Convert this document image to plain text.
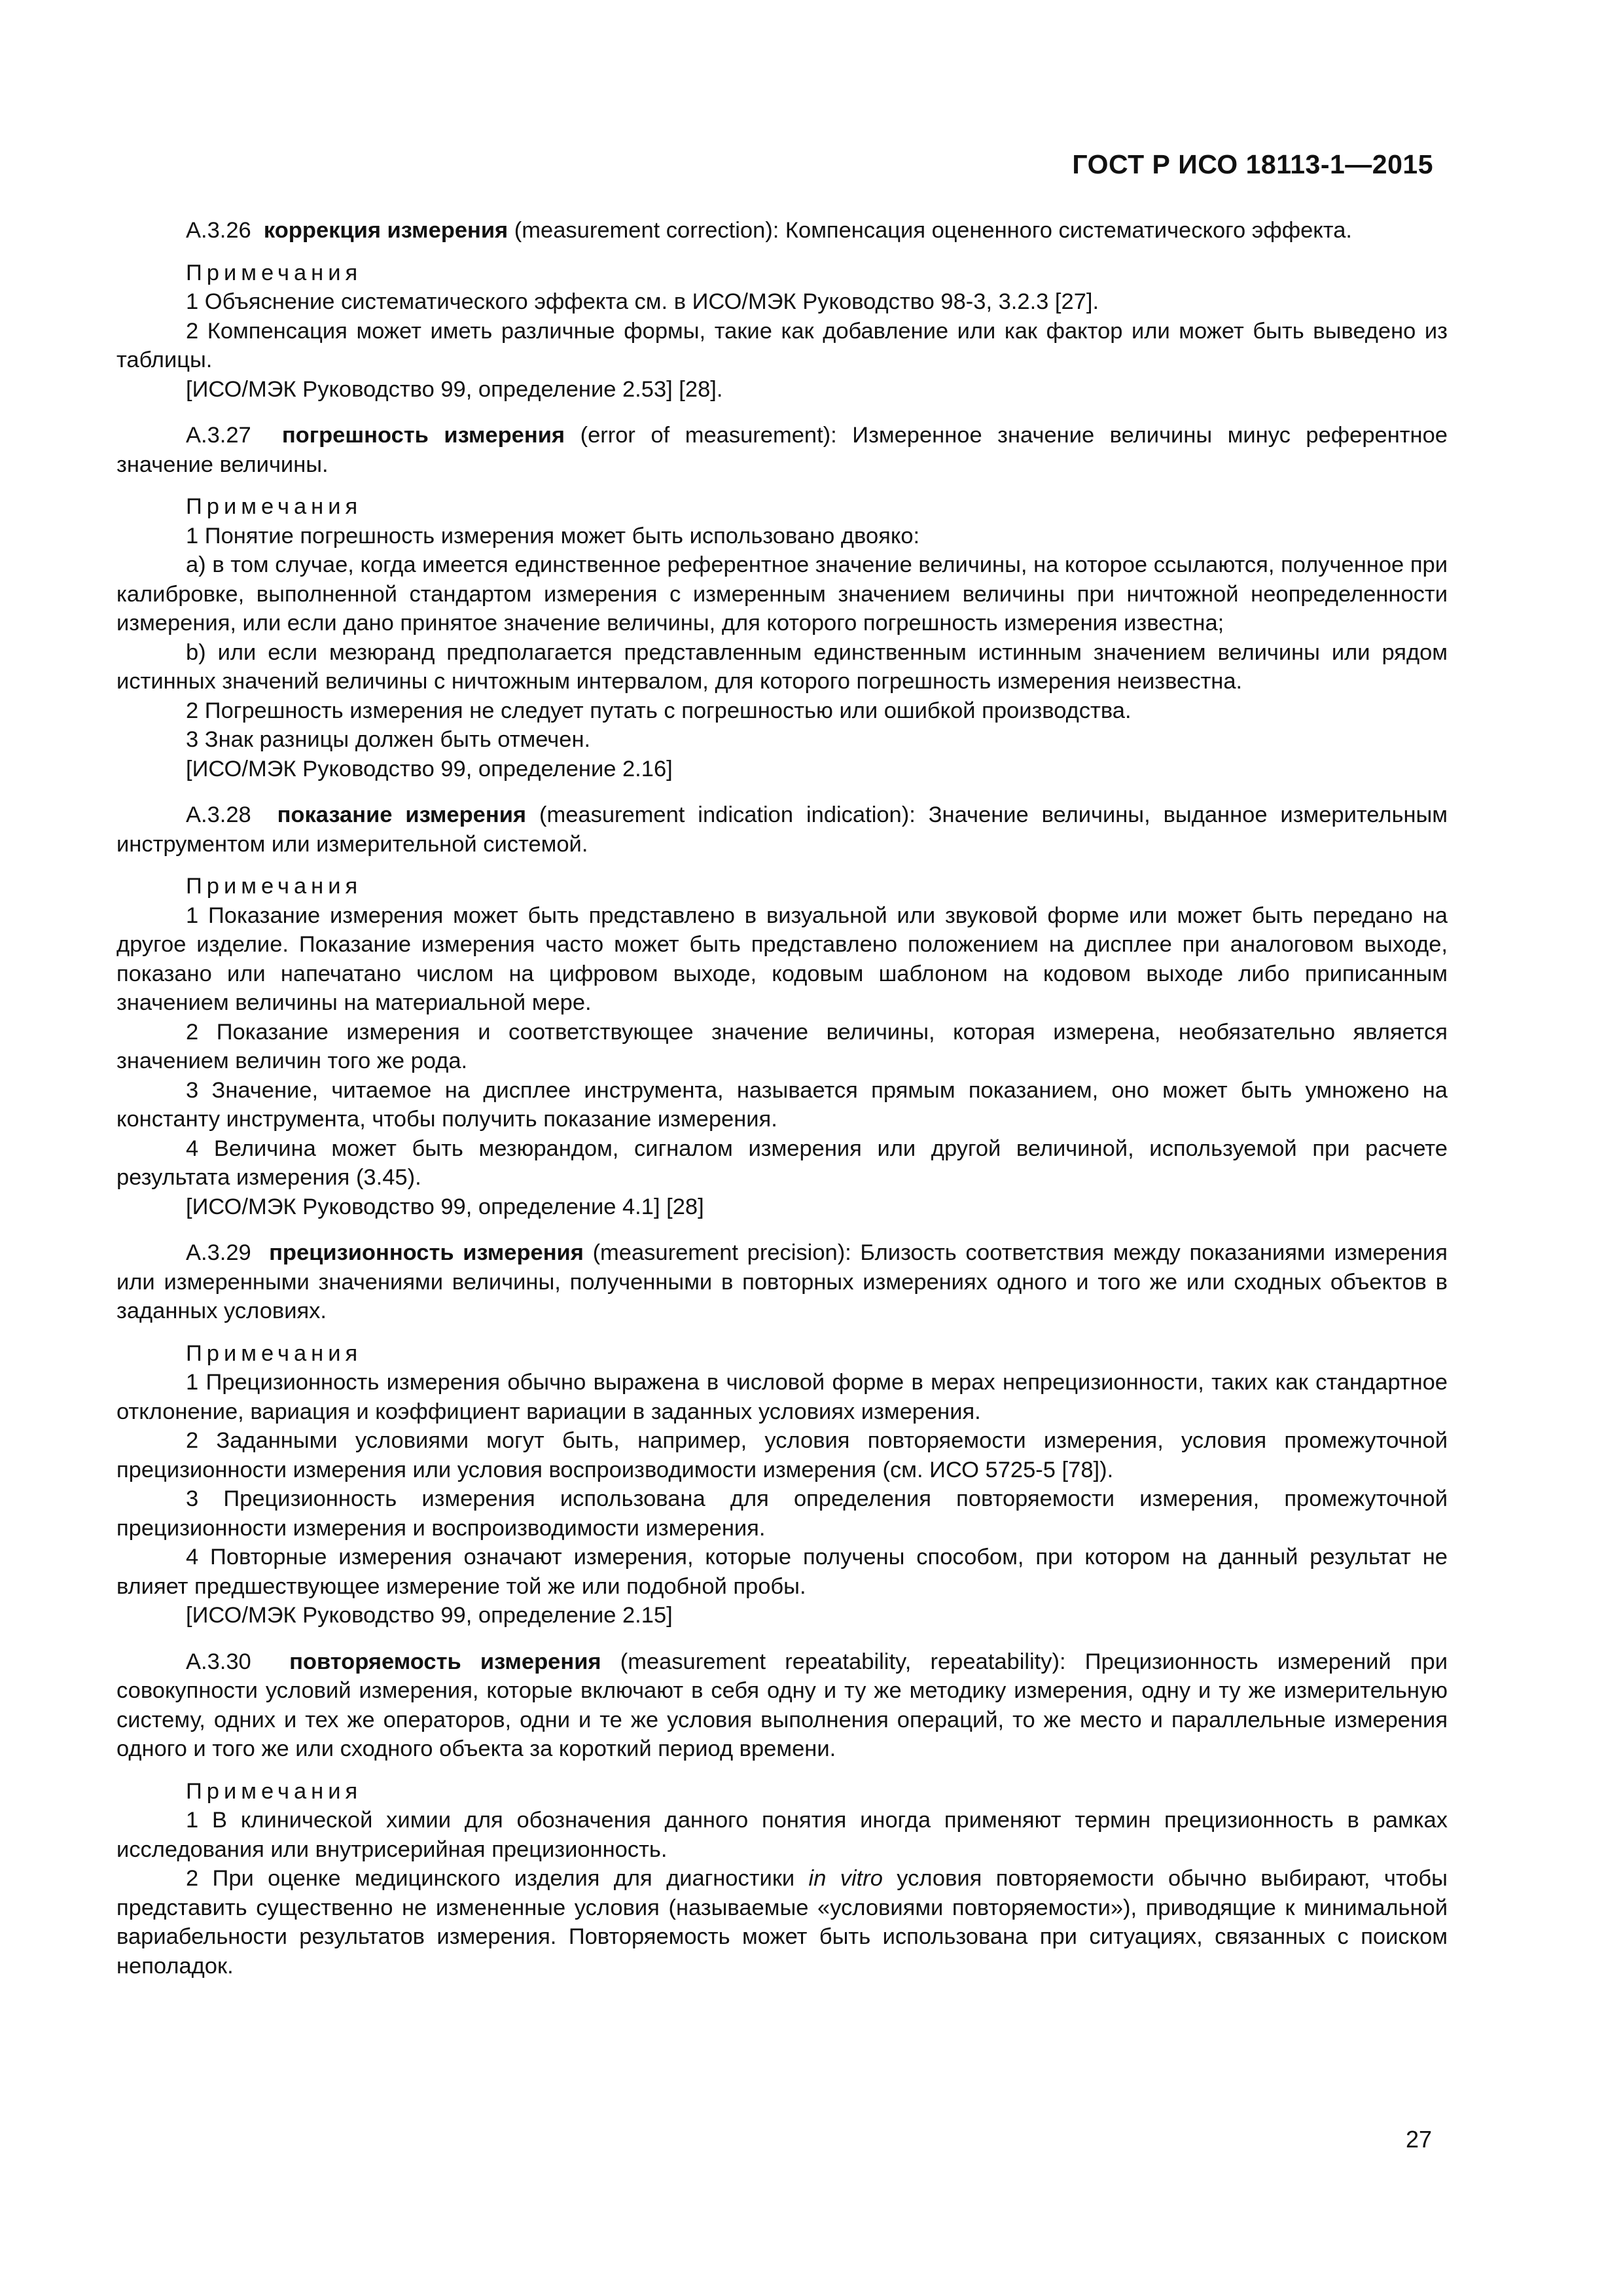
ГОСТ Р ИСО 18113-1—2015

А.3.26 коррекция измерения (measurement correction): Компенсация оцененного систематического эффекта.

Примечания

1 Объяснение систематического эффекта см. в ИСО/МЭК Руководство 98-3, 3.2.3 [27].

2 Компенсация может иметь различные формы, такие как добавление или как фактор или может быть выведено из таблицы.

[ИСО/МЭК Руководство 99, определение 2.53] [28].

А.3.27 погрешность измерения (error of measurement): Измеренное значение величины минус референтное значение величины.

Примечания

1 Понятие погрешность измерения может быть использовано двояко:

a) в том случае, когда имеется единственное референтное значение величины, на которое ссылаются, полученное при калибровке, выполненной стандартом измерения с измеренным значением величины при ничтожной неопределенности измерения, или если дано принятое значение величины, для которого погрешность измерения известна;

b) или если мезюранд предполагается представленным единственным истинным значением величины или рядом истинных значений величины с ничтожным интервалом, для которого погрешность измерения неизвестна.

2 Погрешность измерения не следует путать с погрешностью или ошибкой производства.

3 Знак разницы должен быть отмечен.

[ИСО/МЭК Руководство 99, определение 2.16]

А.3.28 показание измерения (measurement indication indication): Значение величины, выданное измерительным инструментом или измерительной системой.

Примечания

1 Показание измерения может быть представлено в визуальной или звуковой форме или может быть передано на другое изделие. Показание измерения часто может быть представлено положением на дисплее при аналоговом выходе, показано или напечатано числом на цифровом выходе, кодовым шаблоном на кодовом выходе либо приписанным значением величины на материальной мере.

2 Показание измерения и соответствующее значение величины, которая измерена, необязательно является значением величин того же рода.

3 Значение, читаемое на дисплее инструмента, называется прямым показанием, оно может быть умножено на константу инструмента, чтобы получить показание измерения.

4 Величина может быть мезюрандом, сигналом измерения или другой величиной, используемой при расчете результата измерения (3.45).

[ИСО/МЭК Руководство 99, определение 4.1] [28]

А.3.29 прецизионность измерения (measurement precision): Близость соответствия между показаниями измерения или измеренными значениями величины, полученными в повторных измерениях одного и того же или сходных объектов в заданных условиях.

Примечания

1 Прецизионность измерения обычно выражена в числовой форме в мерах непрецизионности, таких как стандартное отклонение, вариация и коэффициент вариации в заданных условиях измерения.

2 Заданными условиями могут быть, например, условия повторяемости измерения, условия промежуточной прецизионности измерения или условия воспроизводимости измерения (см. ИСО 5725-5 [78]).

3 Прецизионность измерения использована для определения повторяемости измерения, промежуточной прецизионности измерения и воспроизводимости измерения.

4 Повторные измерения означают измерения, которые получены способом, при котором на данный результат не влияет предшествующее измерение той же или подобной пробы.

[ИСО/МЭК Руководство 99, определение 2.15]

А.3.30 повторяемость измерения (measurement repeatability, repeatability): Прецизионность измерений при совокупности условий измерения, которые включают в себя одну и ту же методику измерения, одну и ту же измерительную систему, одних и тех же операторов, одни и те же условия выполнения операций, то же место и параллельные измерения одного и того же или сходного объекта за короткий период времени.

Примечания

1 В клинической химии для обозначения данного понятия иногда применяют термин прецизионность в рамках исследования или внутрисерийная прецизионность.

2 При оценке медицинского изделия для диагностики in vitro условия повторяемости обычно выбирают, чтобы представить существенно не измененные условия (называемые «условиями повторяемости»), приводящие к минимальной вариабельности результатов измерения. Повторяемость может быть использована при ситуациях, связанных с поиском неполадок.

27
